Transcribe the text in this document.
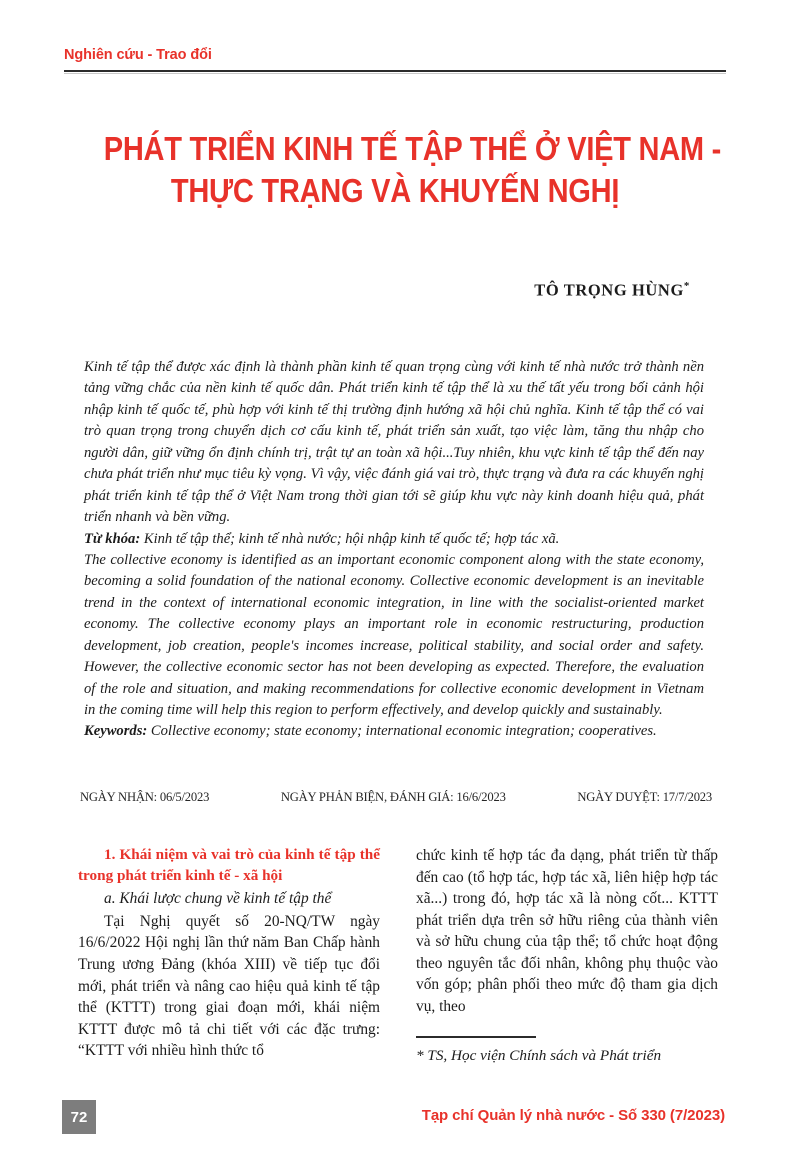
Nghiên cứu - Trao đổi
PHÁT TRIỂN KINH TẾ TẬP THỂ Ở VIỆT NAM -
THỰC TRẠNG VÀ KHUYẾN NGHỊ
TÔ TRỌNG HÙNG*

Kinh tế tập thể được xác định là thành phần kinh tế quan trọng cùng với kinh tế nhà nước trở thành nền tảng vững chắc của nền kinh tế quốc dân. Phát triển kinh tế tập thể là xu thế tất yếu trong bối cảnh hội nhập kinh tế quốc tế, phù hợp với kinh tế thị trường định hướng xã hội chủ nghĩa. Kinh tế tập thể có vai trò quan trọng trong chuyển dịch cơ cấu kinh tế, phát triển sản xuất, tạo việc làm, tăng thu nhập cho người dân, giữ vững ổn định chính trị, trật tự an toàn xã hội...Tuy nhiên, khu vực kinh tế tập thể đến nay chưa phát triển như mục tiêu kỳ vọng. Vì vậy, việc đánh giá vai trò, thực trạng và đưa ra các khuyến nghị phát triển kinh tế tập thể ở Việt Nam trong thời gian tới sẽ giúp khu vực này kinh doanh hiệu quả, phát triển nhanh và bền vững.

Từ khóa: Kinh tế tập thể; kinh tế nhà nước; hội nhập kinh tế quốc tế; hợp tác xã.

The collective economy is identified as an important economic component along with the state economy, becoming a solid foundation of the national economy. Collective economic development is an inevitable trend in the context of international economic integration, in line with the socialist-oriented market economy. The collective economy plays an important role in economic restructuring, production development, job creation, people's incomes increase, political stability, and social order and safety. However, the collective economic sector has not been developing as expected. Therefore, the evaluation of the role and situation, and making recommendations for collective economic development in Vietnam in the coming time will help this region to perform effectively, and develop quickly and sustainably.

Keywords: Collective economy; state economy; international economic integration; cooperatives.

NGÀY NHẬN: 06/5/2023	NGÀY PHẢN BIỆN, ĐÁNH GIÁ: 16/6/2023	NGÀY DUYỆT: 17/7/2023

1. Khái niệm và vai trò của kinh tế tập thể trong phát triển kinh tế - xã hội

a. Khái lược chung về kinh tế tập thể

Tại Nghị quyết số 20-NQ/TW ngày 16/6/2022 Hội nghị lần thứ năm Ban Chấp hành Trung ương Đảng (khóa XIII) về tiếp tục đổi mới, phát triển và nâng cao hiệu quả kinh tế tập thể (KTTT) trong giai đoạn mới, khái niệm KTTT được mô tả chi tiết với các đặc trưng: “KTTT với nhiều hình thức tổ

chức kinh tế hợp tác đa dạng, phát triển từ thấp đến cao (tổ hợp tác, hợp tác xã, liên hiệp hợp tác xã...) trong đó, hợp tác xã là nòng cốt... KTTT phát triển dựa trên sở hữu riêng của thành viên và sở hữu chung của tập thể; tổ chức hoạt động theo nguyên tắc đối nhân, không phụ thuộc vào vốn góp; phân phối theo mức độ tham gia dịch vụ, theo

* TS, Học viện Chính sách và Phát triển

72	Tạp chí Quản lý nhà nước - Số 330 (7/2023)
